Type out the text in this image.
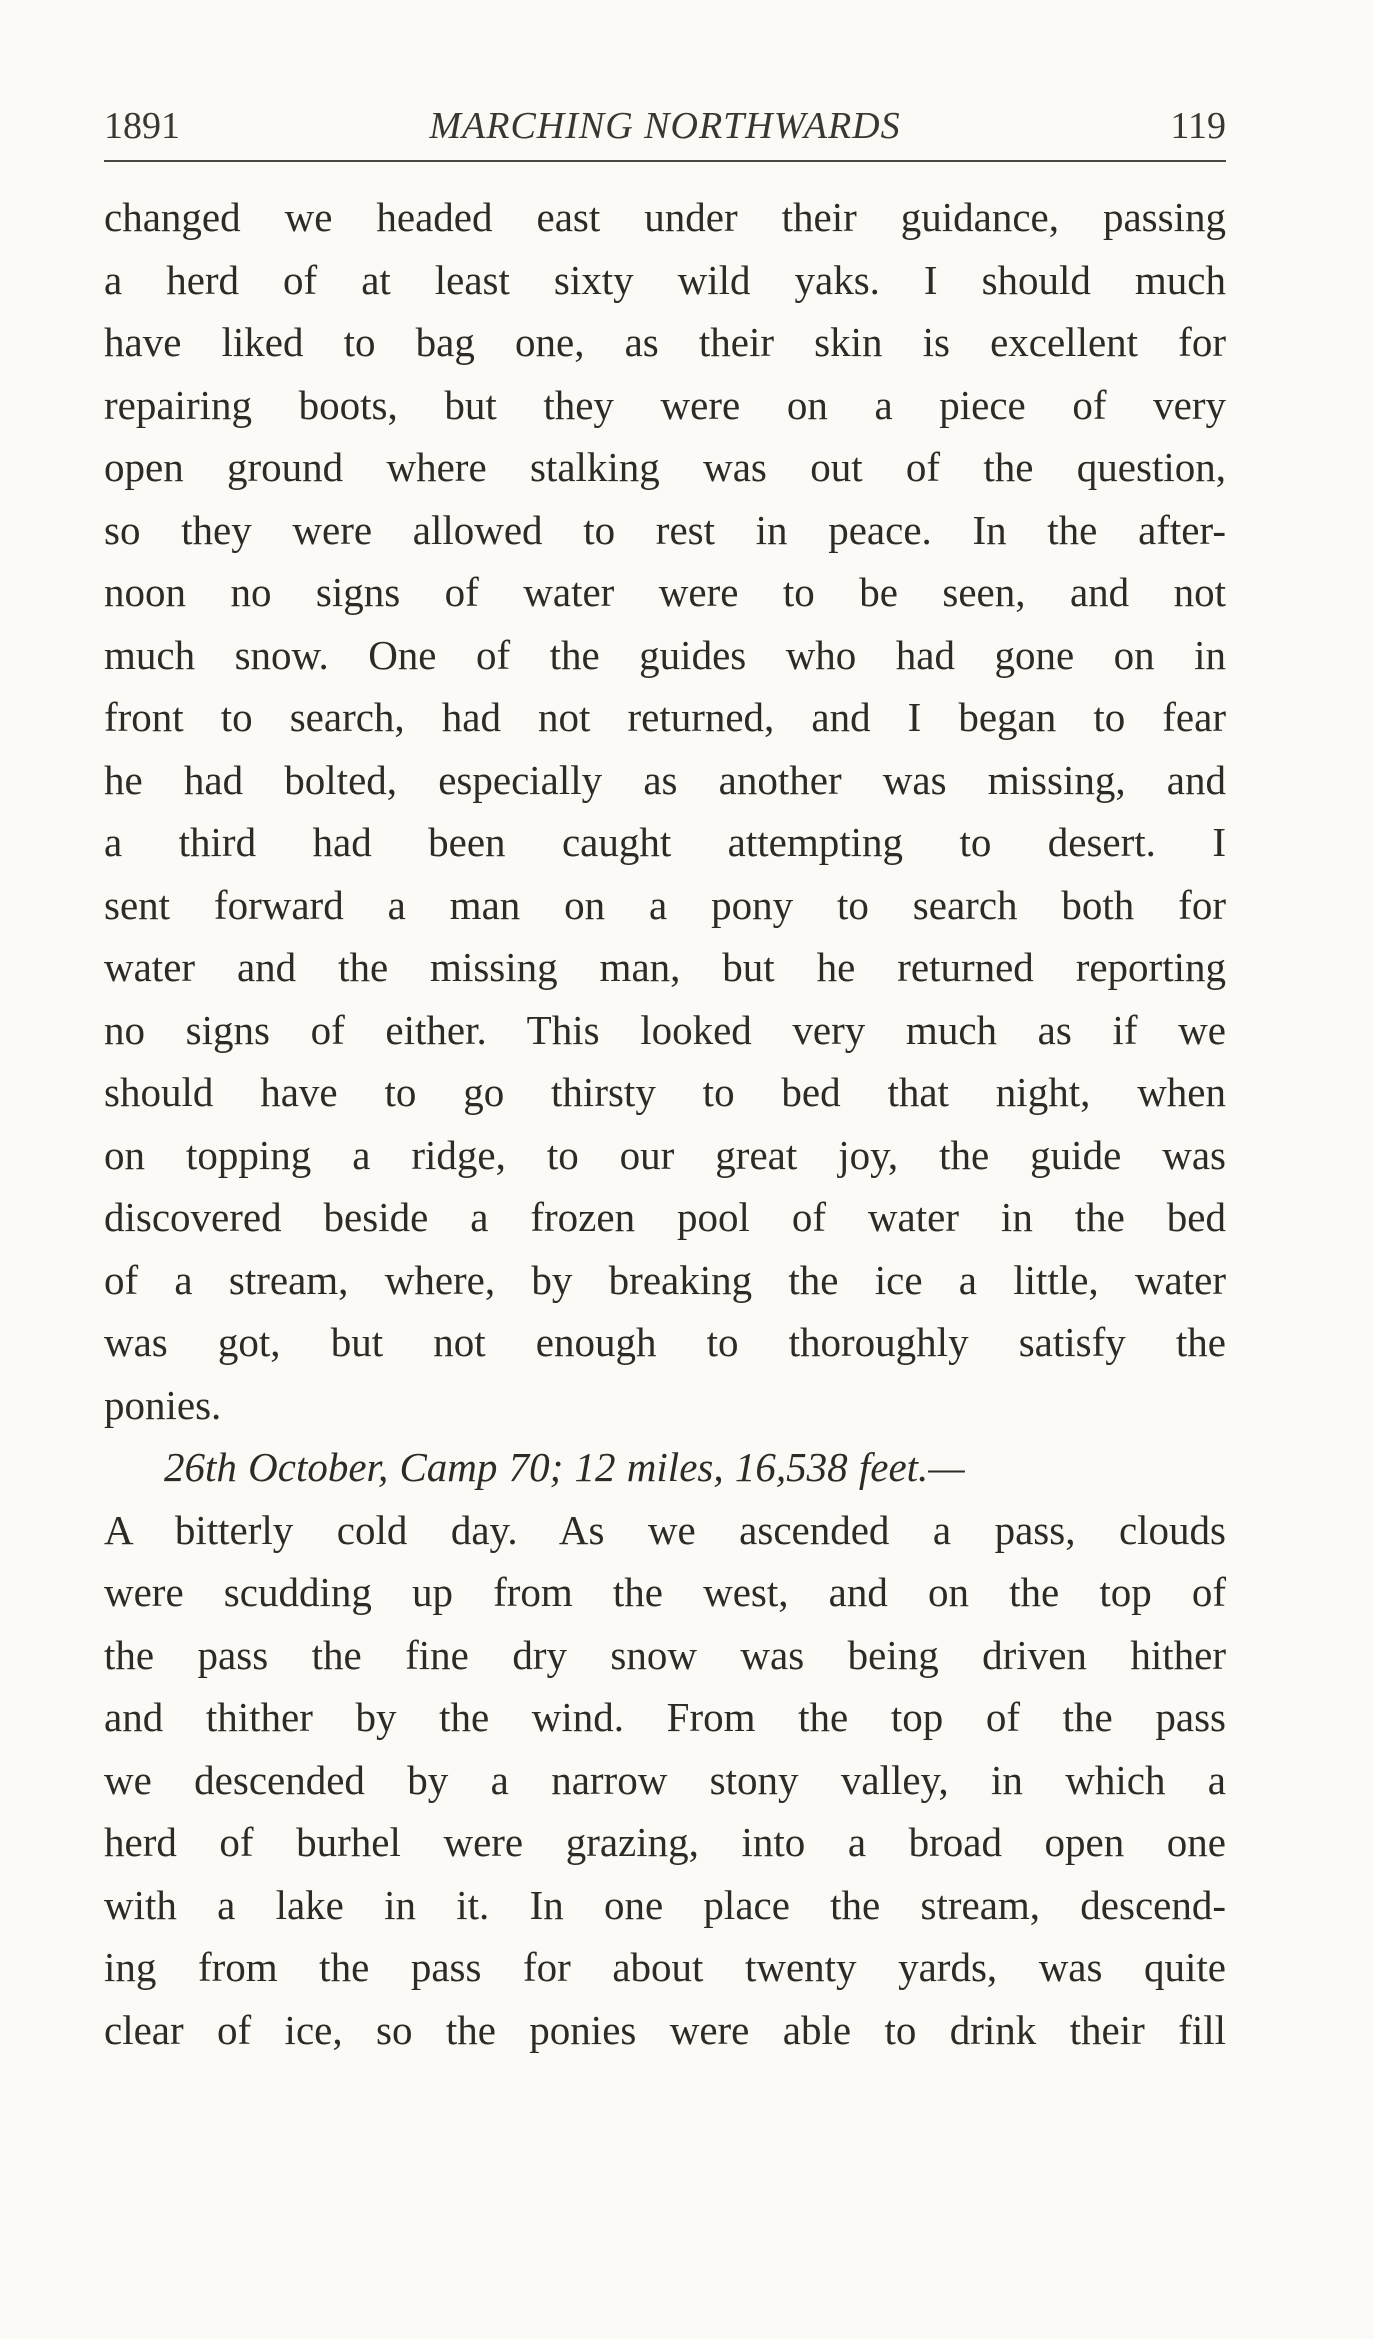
1891	MARCHING NORTHWARDS	119
changed we headed east under their guidance, passing
a herd of at least sixty wild yaks. I should much
have liked to bag one, as their skin is excellent for
repairing boots, but they were on a piece of very
open ground where stalking was out of the question,
so they were allowed to rest in peace. In the after-
noon no signs of water were to be seen, and not
much snow. One of the guides who had gone on in
front to search, had not returned, and I began to fear
he had bolted, especially as another was missing, and
a third had been caught attempting to desert. I
sent forward a man on a pony to search both for
water and the missing man, but he returned reporting
no signs of either. This looked very much as if we
should have to go thirsty to bed that night, when
on topping a ridge, to our great joy, the guide was
discovered beside a frozen pool of water in the bed
of a stream, where, by breaking the ice a little, water
was got, but not enough to thoroughly satisfy the
ponies.
26th October, Camp 70; 12 miles, 16,538 feet.—
A bitterly cold day. As we ascended a pass, clouds
were scudding up from the west, and on the top of
the pass the fine dry snow was being driven hither
and thither by the wind. From the top of the pass
we descended by a narrow stony valley, in which a
herd of burhel were grazing, into a broad open one
with a lake in it. In one place the stream, descend-
ing from the pass for about twenty yards, was quite
clear of ice, so the ponies were able to drink their fill
